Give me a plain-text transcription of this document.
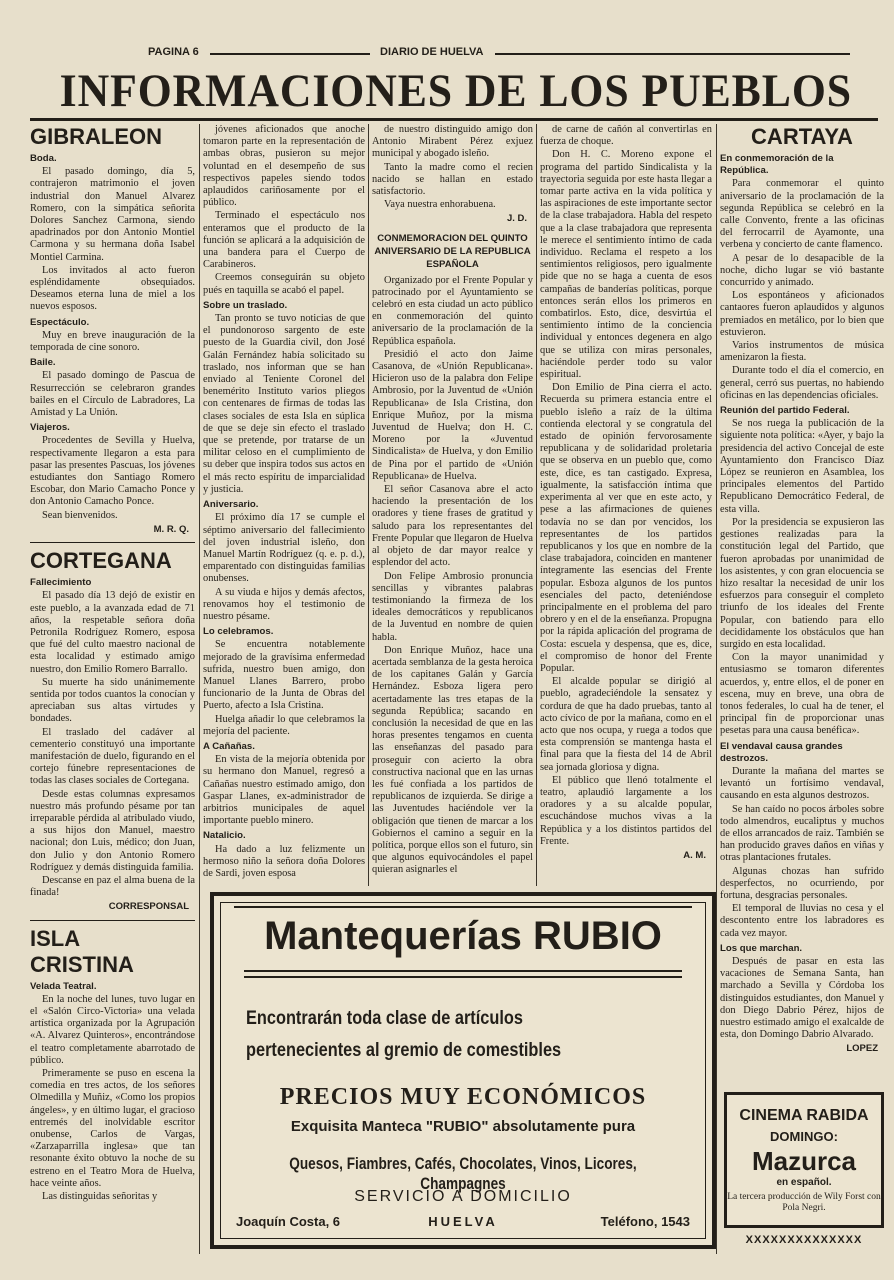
PAGINA 6	DIARIO DE HUELVA
INFORMACIONES DE LOS PUEBLOS

GIBRALEON

Boda.

El pasado domingo, día 5, contrajeron matrimonio el joven industrial don Manuel Alvarez Romero, con la simpática señorita Dolores Sanchez Carmona, siendo apadrinados por don Antonio Montiel Carmona y su hermana doña Isabel Montiel Carmina.

Los invitados al acto fueron espléndidamente obsequiados. Deseamos eterna luna de miel a los nuevos esposos.

Espectáculo.

Muy en breve inauguración de la temporada de cine sonoro.

Baile.

El pasado domingo de Pascua de Resurrección se celebraron grandes bailes en el Círculo de Labradores, La Amistad y La Unión.

Viajeros.

Procedentes de Sevilla y Huelva, respectivamente llegaron a esta para pasar las presentes Pascuas, los jóvenes estudiantes don Santiago Romero Escobar, don Mario Camacho Ponce y don Antonio Camacho Ponce.

Sean bienvenidos.

M. R. Q.

CORTEGANA

Fallecimiento

El pasado día 13 dejó de existir en este pueblo, a la avanzada edad de 71 años, la respetable señora doña Petronila Rodríguez Romero, esposa que fué del culto maestro nacional de esta localidad y estimado amigo nuestro, don Emilio Romero Barrallo.

Su muerte ha sido unánimemente sentida por todos cuantos la conocían y apreciaban sus altas virtudes y bondades.

El traslado del cadáver al cementerio constituyó una importante manifestación de duelo, figurando en el cortejo fúnebre representaciones de todas las clases sociales de Cortegana.

Desde estas columnas expresamos nuestro más profundo pésame por tan irreparable pérdida al atribulado viudo, a sus hijos don Manuel, maestro nacional; don Luis, médico; don Juan, don Julio y don Antonio Romero Rodríguez y demás distinguida familia.

Descanse en paz el alma buena de la finada!

CORRESPONSAL

ISLA

CRISTINA

Velada Teatral.

En la noche del lunes, tuvo lugar en el «Salón Circo-Victoria» una velada artística organizada por la Agrupación «A. Alvarez Quinteros», encontrándose el teatro completamente abarrotado de público.

Primeramente se puso en escena la comedia en tres actos, de los señores Olmedilla y Muñiz, «Como los propios ángeles», y en último lugar, el gracioso entremés del inolvidable escritor onubense, Carlos de Vargas, «Zarzaparrilla inglesa» que tan resonante éxito obtuvo la noche de su estreno en el Teatro Mora de Huelva, hace veinte años.

Las distinguidas señoritas y

jóvenes aficionados que anoche tomaron parte en la representación de ambas obras, pusieron su mejor voluntad en el desempeño de sus respectivos papeles siendo todos aplaudidos cariñosamente por el público.

Terminado el espectáculo nos enteramos que el producto de la función se aplicará a la adquisición de una bandera para el Cuerpo de Carabineros.

Creemos conseguirán su objeto pués en taquilla se acabó el papel.

Sobre un traslado.

Tan pronto se tuvo noticias de que el pundonoroso sargento de este puesto de la Guardia civil, don José Galán Fernández había solicitado su traslado, nos informan que se han enviado al Teniente Coronel del benemérito Instituto varios pliegos con centenares de firmas de todas las clases sociales de esta Isla en súplica de que se deje sin efecto el traslado que se pretende, por tratarse de un militar celoso en el cumplimiento de su deber que inspira todos sus actos en el más recto espíritu de imparcialidad y justicia.

Aniversario.

El próximo día 17 se cumple el séptimo aniversario del fallecimiento del joven industrial isleño, don Manuel Martín Rodríguez (q. e. p. d.), emparentado con distinguidas familias onubenses.

A su viuda e hijos y demás afectos, renovamos hoy el testimonio de nuestro pésame.

Lo celebramos.

Se encuentra notablemente mejorado de la gravísima enfermedad sufrida, nuestro buen amigo, don Manuel Llanes Barrero, probo funcionario de la Junta de Obras del Puerto, afecto a Isla Cristina.

Huelga añadir lo que celebramos la mejoría del paciente.

A Cañañas.

En vista de la mejoría obtenida por su hermano don Manuel, regresó a Cañañas nuestro estimado amigo, don Gaspar Llanes, ex-administrador de arbitrios municipales de aquel importante pueblo minero.

Natalicio.

Ha dado a luz felizmente un hermoso niño la señora doña Dolores de Sardi, joven esposa

de nuestro distinguido amigo don Antonio Mirabent Pérez exjuez municipal y abogado isleño.

Tanto la madre como el recien nacido se hallan en estado satisfactorio.

Vaya nuestra enhorabuena.

J. D.
CONMEMORACION DEL QUINTO ANIVERSARIO DE LA REPUBLICA ESPAÑOLA

Organizado por el Frente Popular y patrocinado por el Ayuntamiento se celebró en esta ciudad un acto público en conmemoración del quinto aniversario de la proclamación de la República española.

Presidió el acto don Jaime Casanova, de «Unión Republicana». Hicieron uso de la palabra don Felipe Ambrosio, por la Juventud de «Unión Republicana» de Isla Cristina, don Enrique Muñoz, por la misma Juventud de Huelva; don H. C. Moreno por la «Juventud Sindicalista» de Huelva, y don Emilio de Pina por el partido de «Unión Republicana» de Huelva.

El señor Casanova abre el acto haciendo la presentación de los oradores y tiene frases de gratitud y saludo para los representantes del Frente Popular que llegaron de Huelva al objeto de dar mayor realce y esplendor del acto.

Don Felipe Ambrosio pronuncia sencillas y vibrantes palabras testimoniando la firmeza de los ideales democráticos y republicanos de la Juventud en nombre de quien habla.

Don Enrique Muñoz, hace una acertada semblanza de la gesta heroica de los capitanes Galán y García Hernández. Esboza ligera pero acertadamente las tres etapas de la segunda República; sacando en conclusión la necesidad de que en las horas presentes tengamos en cuenta las enseñanzas del pasado para proseguir con acierto la obra constructiva nacional que en las urnas les fué confiada a los partidos de republicanos de izquierda. Se dirige a las Juventudes haciéndole ver la obligación que tienen de marcar a los Gobiernos el camino a seguir en la política, porque ellos son el futuro, sin que algunos equivocándoles el papel quieran asignarles el

de carne de cañón al convertirlas en fuerza de choque.

Don H. C. Moreno expone el programa del partido Sindicalista y la trayectoria seguida por este hasta llegar a tomar parte activa en la vida política y las aspiraciones de este importante sector de la clase trabajadora. Habla del respeto que a la clase trabajadora que representa le merece el sentimiento íntimo de cada individuo. Reclama el respeto a los sentimientos religiosos, pero igualmente pide que no se haga a cuenta de esos campañas de banderías políticas, porque entonces serán ellos los primeros en combatirlos. Esto, dice, desvirtúa el sentimiento íntimo de la conciencia individual y entonces degenera en algo que se utiliza con miras personales, haciéndole perder todo su valor espiritual.

Don Emilio de Pina cierra el acto. Recuerda su primera estancia entre el pueblo isleño a raíz de la última contienda electoral y se congratula del estado de opinión fervorosamente republicana y de solidaridad proletaria que se observa en un pueblo que, como este, dice, es tan castigado. Expresa, igualmente, la satisfacción íntima que experimenta al ver que en este acto, y pese a las afirmaciones de quienes todavía no se dan por vencidos, los representantes de los partidos republicanos y los que en nombre de la clase trabajadora, coinciden en mantener íntegramente las esencias del Frente popular. Esboza algunos de los puntos esenciales del pacto, deteniéndose principalmente en el problema del paro obrero y en el de la enseñanza. Propugna por la rápida aplicación del programa de Costa: escuela y despensa, que es, dice, el compromiso de honor del Frente Popular.

El alcalde popular se dirigió al pueblo, agradeciéndole la sensatez y cordura de que ha dado pruebas, tanto al acto cívico de por la mañana, como en el acto que nos ocupa, y ruega a todos que esta comprensión se mantenga hasta el final para que la fiesta del 14 de Abril sea jornada gloriosa y digna.

El público que llenó totalmente el teatro, aplaudió largamente a los oradores y a su alcalde popular, escuchándose muchos vivas a la República y a los distintos partidos del Frente.

A. M.

CARTAYA

En conmemoración de la República.

Para conmemorar el quinto aniversario de la proclamación de la segunda República se celebró en la calle Convento, frente a las oficinas del ferrocarril de Ayamonte, una verbena y concierto de cante flamenco.

A pesar de lo desapacible de la noche, dicho lugar se vió bastante concurrido y animado.

Los espontáneos y aficionados cantaores fueron aplaudidos y algunos premiados en metálico, por lo bien que estuvieron.

Varios instrumentos de música amenizaron la fiesta.

Durante todo el día el comercio, en general, cerró sus puertas, no habiendo oficinas en las dependencias oficiales.

Reunión del partido Federal.

Se nos ruega la publicación de la siguiente nota política: «Ayer, y bajo la presidencia del activo Concejal de este Ayuntamiento don Francisco Díaz López se reunieron en Asamblea, los principales elementos del Partido Republicano Democrático Federal, de esta villa.

Por la presidencia se expusieron las gestiones realizadas para la constitución legal del Partido, que fueron aprobadas por unanimidad de los asistentes, y con gran elocuencia se hizo resaltar la necesidad de unir los esfuerzos para conseguir el completo triunfo de los ideales del Frente Popular, con batiendo para ello decididamente los obstáculos que han surgido en esta localidad.

Con la mayor unanimidad y entusiasmo se tomaron diferentes acuerdos, y, entre ellos, el de poner en escena, muy en breve, una obra de tonos federales, lo cual ha de tener, el principal fin de proporcionar unas pesetas para una causa benéfica».

El vendaval causa grandes destrozos.

Durante la mañana del martes se levantó un fortísimo vendaval, causando en esta algunos destrozos.

Se han caído no pocos árboles sobre todo almendros, eucaliptus y muchos de ellos arrancados de raiz. También se han producido graves daños en viñas y otras plantaciones frutales.

Algunas chozas han sufrido desperfectos, no ocurriendo, por fortuna, desgracias personales.

El temporal de lluvias no cesa y el descontento entre los labradores es cada vez mayor.

Los que marchan.

Después de pasar en esta las vacaciones de Semana Santa, han marchado a Sevilla y Córdoba los distinguidos estudiantes, don Manuel y don Diego Dabrio Pérez, hijos de nuestro estimado amigo el exalcalde de esta, don Domingo Dabrio Alvarado.

LOPEZ
Mantequerías RUBIO
Encontrarán toda clase de artículos
pertenecientes al gremio de comestibles
PRECIOS MUY ECONÓMICOS
Exquisita Manteca "RUBIO" absolutamente pura
Quesos, Fiambres, Cafés, Chocolates, Vinos, Licores, Champagnes
SERVICIO A DOMICILIO
Joaquín Costa, 6	HUELVA	Teléfono, 1543
CINEMA RABIDA
DOMINGO:
Mazurca
en español.
La tercera producción de Wily Forst con Pola Negri.
XXXXXXXXXXXXXX
